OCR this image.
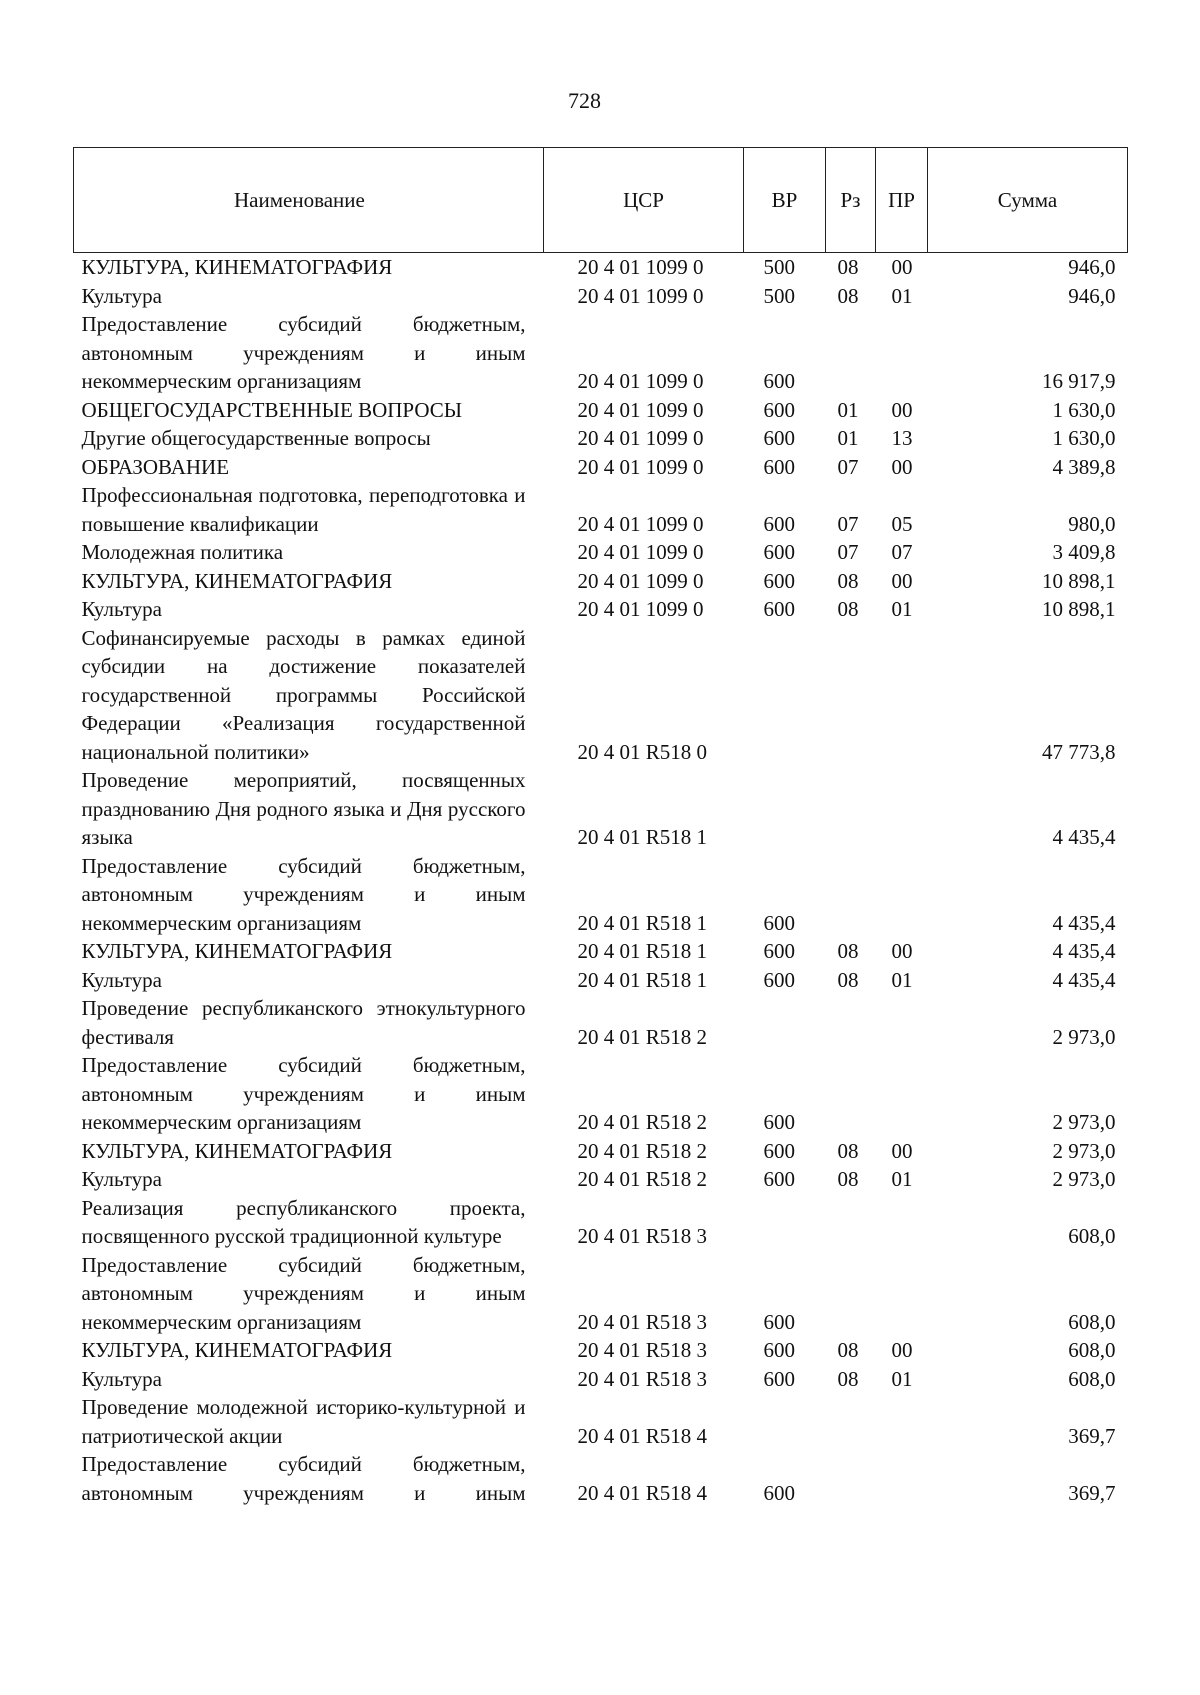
728
Наименование	ЦСР	ВР	Рз	ПР	Сумма
КУЛЬТУРА, КИНЕМАТОГРАФИЯ	20 4 01 1099 0	500	08	00	946,0
Культура	20 4 01 1099 0	500	08	01	946,0
Предоставление субсидий бюджетным, автономным учреждениям и иным некоммерческим организациям	20 4 01 1099 0	600			16 917,9
ОБЩЕГОСУДАРСТВЕННЫЕ ВОПРОСЫ	20 4 01 1099 0	600	01	00	1 630,0
Другие общегосударственные вопросы	20 4 01 1099 0	600	01	13	1 630,0
ОБРАЗОВАНИЕ	20 4 01 1099 0	600	07	00	4 389,8
Профессиональная подготовка, переподготовка и повышение квалификации	20 4 01 1099 0	600	07	05	980,0
Молодежная политика	20 4 01 1099 0	600	07	07	3 409,8
КУЛЬТУРА, КИНЕМАТОГРАФИЯ	20 4 01 1099 0	600	08	00	10 898,1
Культура	20 4 01 1099 0	600	08	01	10 898,1
Софинансируемые расходы в рамках единой субсидии на достижение показателей государственной программы Российской Федерации «Реализация государственной национальной политики»	20 4 01 R518 0				47 773,8
Проведение мероприятий, посвященных празднованию Дня родного языка и Дня русского языка	20 4 01 R518 1				4 435,4
Предоставление субсидий бюджетным, автономным учреждениям и иным некоммерческим организациям	20 4 01 R518 1	600			4 435,4
КУЛЬТУРА, КИНЕМАТОГРАФИЯ	20 4 01 R518 1	600	08	00	4 435,4
Культура	20 4 01 R518 1	600	08	01	4 435,4
Проведение республиканского этнокультурного фестиваля	20 4 01 R518 2				2 973,0
Предоставление субсидий бюджетным, автономным учреждениям и иным некоммерческим организациям	20 4 01 R518 2	600			2 973,0
КУЛЬТУРА, КИНЕМАТОГРАФИЯ	20 4 01 R518 2	600	08	00	2 973,0
Культура	20 4 01 R518 2	600	08	01	2 973,0
Реализация республиканского проекта, посвященного русской традиционной культуре	20 4 01 R518 3				608,0
Предоставление субсидий бюджетным, автономным учреждениям и иным некоммерческим организациям	20 4 01 R518 3	600			608,0
КУЛЬТУРА, КИНЕМАТОГРАФИЯ	20 4 01 R518 3	600	08	00	608,0
Культура	20 4 01 R518 3	600	08	01	608,0
Проведение молодежной историко-культурной и патриотической акции	20 4 01 R518 4				369,7
Предоставление субсидий бюджетным, автономным учреждениям и иным	20 4 01 R518 4	600			369,7
